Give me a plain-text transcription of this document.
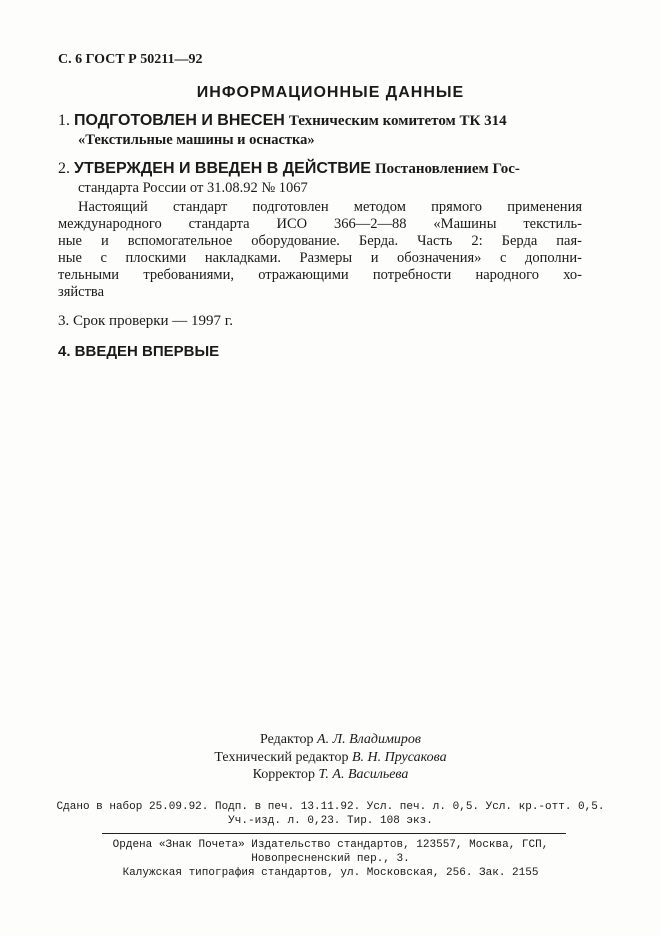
С. 6 ГОСТ Р 50211—92
ИНФОРМАЦИОННЫЕ ДАННЫЕ
1. ПОДГОТОВЛЕН И ВНЕСЕН Техническим комитетом ТК 314
«Текстильные машины и оснастка»
2. УТВЕРЖДЕН И ВВЕДЕН В ДЕЙСТВИЕ Постановлением Гос-
стандарта России от 31.08.92 № 1067
Настоящий стандарт подготовлен методом прямого применения
международного стандарта ИСО 366—2—88 «Машины текстиль-
ные и вспомогательное оборудование. Берда. Часть 2: Берда пая-
ные с плоскими накладками. Размеры и обозначения» с дополни-
тельными требованиями, отражающими потребности народного хо-
зяйства
3. Срок проверки — 1997 г.
4. ВВЕДЕН ВПЕРВЫЕ
Редактор А. Л. Владимиров
Технический редактор В. Н. Прусакова
Корректор Т. А. Васильева
Сдано в набор 25.09.92. Подп. в печ. 13.11.92. Усл. печ. л. 0,5. Усл. кр.-отт. 0,5.
Уч.-изд. л. 0,23. Тир. 108 экз.
Ордена «Знак Почета» Издательство стандартов, 123557, Москва, ГСП,
Новопресненский пер., 3.
Калужская типография стандартов, ул. Московская, 256. Зак. 2155
